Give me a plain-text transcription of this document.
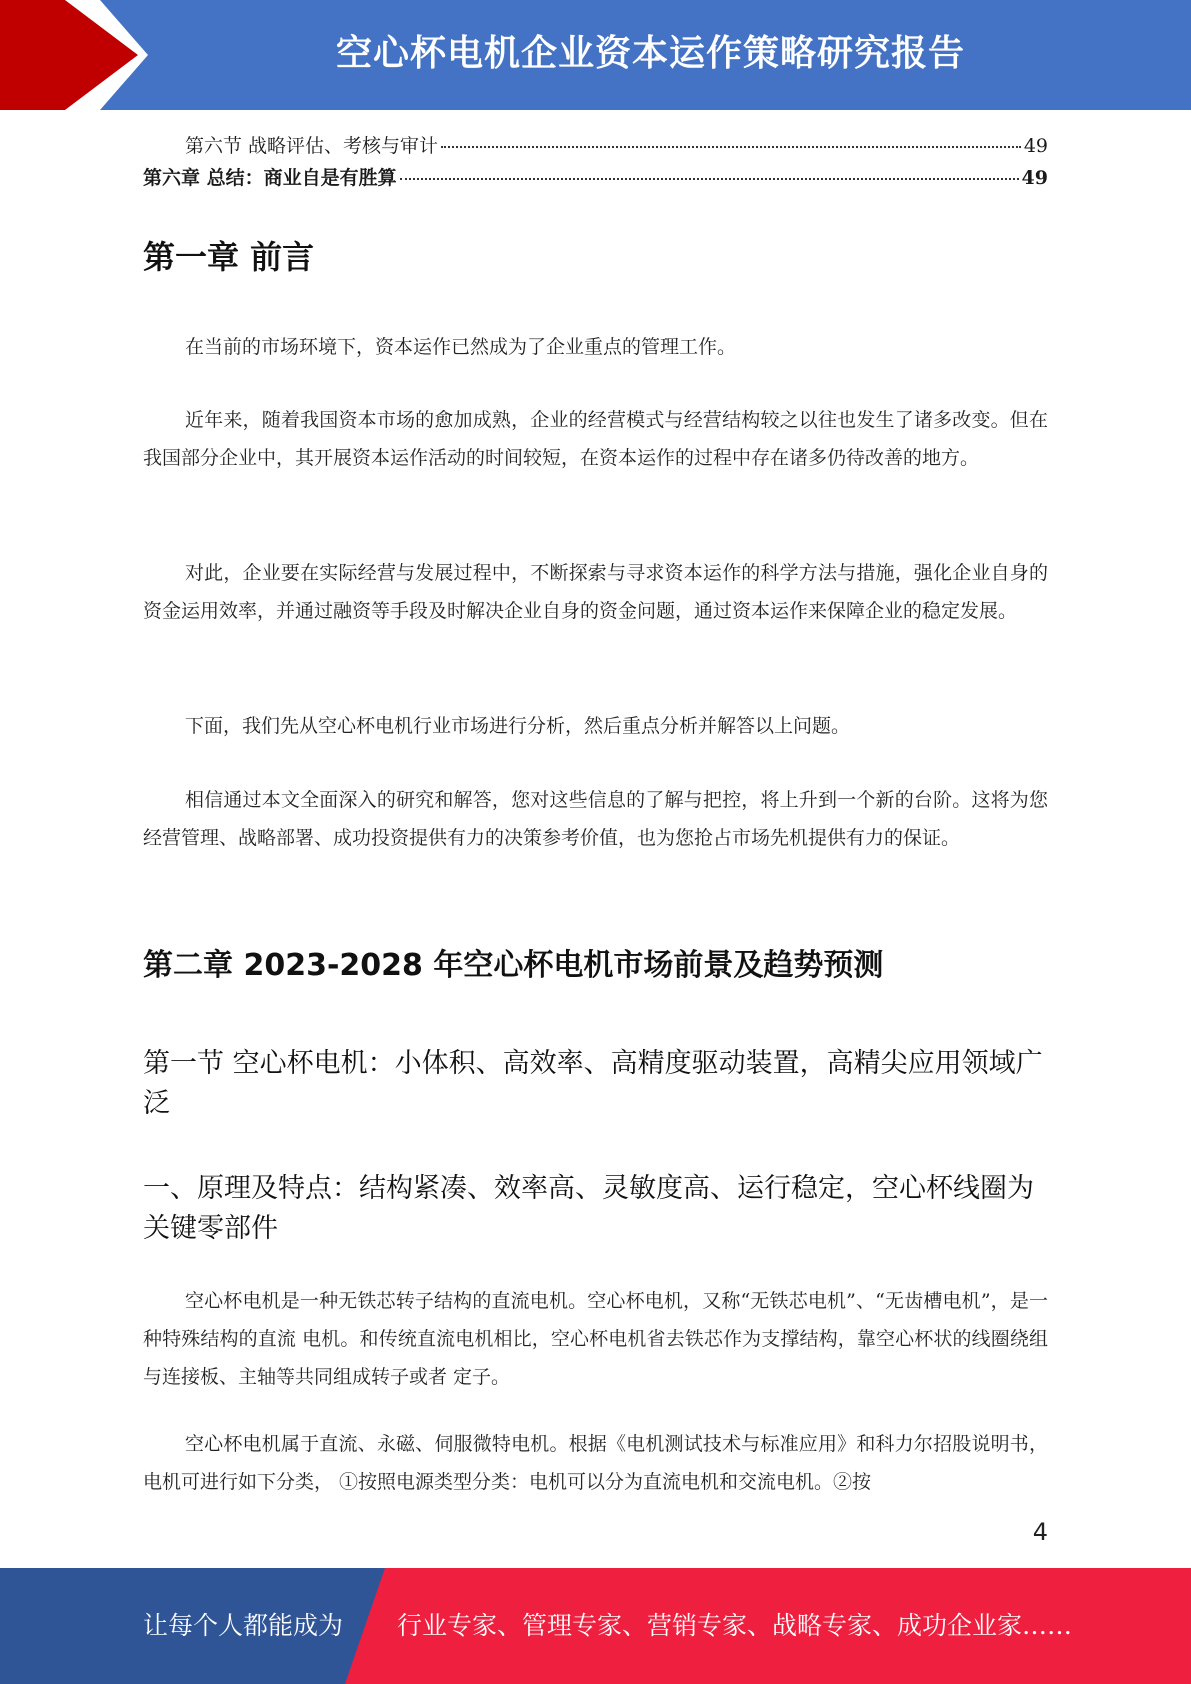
空心杯电机企业资本运作策略研究报告
第六节 战略评估、考核与审计	49
第六章 总结：商业自是有胜算	49
第一章 前言
在当前的市场环境下，资本运作已然成为了企业重点的管理工作。
近年来，随着我国资本市场的愈加成熟，企业的经营模式与经营结构较之以往也发生了诸多改变。但在我国部分企业中，其开展资本运作活动的时间较短，在资本运作的过程中存在诸多仍待改善的地方。
对此，企业要在实际经营与发展过程中，不断探索与寻求资本运作的科学方法与措施，强化企业自身的资金运用效率，并通过融资等手段及时解决企业自身的资金问题，通过资本运作来保障企业的稳定发展。
下面，我们先从空心杯电机行业市场进行分析，然后重点分析并解答以上问题。
相信通过本文全面深入的研究和解答，您对这些信息的了解与把控，将上升到一个新的台阶。这将为您经营管理、战略部署、成功投资提供有力的决策参考价值，也为您抢占市场先机提供有力的保证。
第二章 2023-2028 年空心杯电机市场前景及趋势预测
第一节 空心杯电机：小体积、高效率、高精度驱动装置，高精尖应用领域广泛
一、原理及特点：结构紧凑、效率高、灵敏度高、运行稳定，空心杯线圈为关键零部件
空心杯电机是一种无铁芯转子结构的直流电机。空心杯电机，又称“无铁芯电机”、“无齿槽电机”，是一种特殊结构的直流 电机。和传统直流电机相比，空心杯电机省去铁芯作为支撑结构，靠空心杯状的线圈绕组与连接板、主轴等共同组成转子或者 定子。
空心杯电机属于直流、永磁、伺服微特电机。根据《电机测试技术与标准应用》和科力尔招股说明书，电机可进行如下分类， ①按照电源类型分类：电机可以分为直流电机和交流电机。②按
4
让每个人都能成为 行业专家、管理专家、营销专家、战略专家、成功企业家……
